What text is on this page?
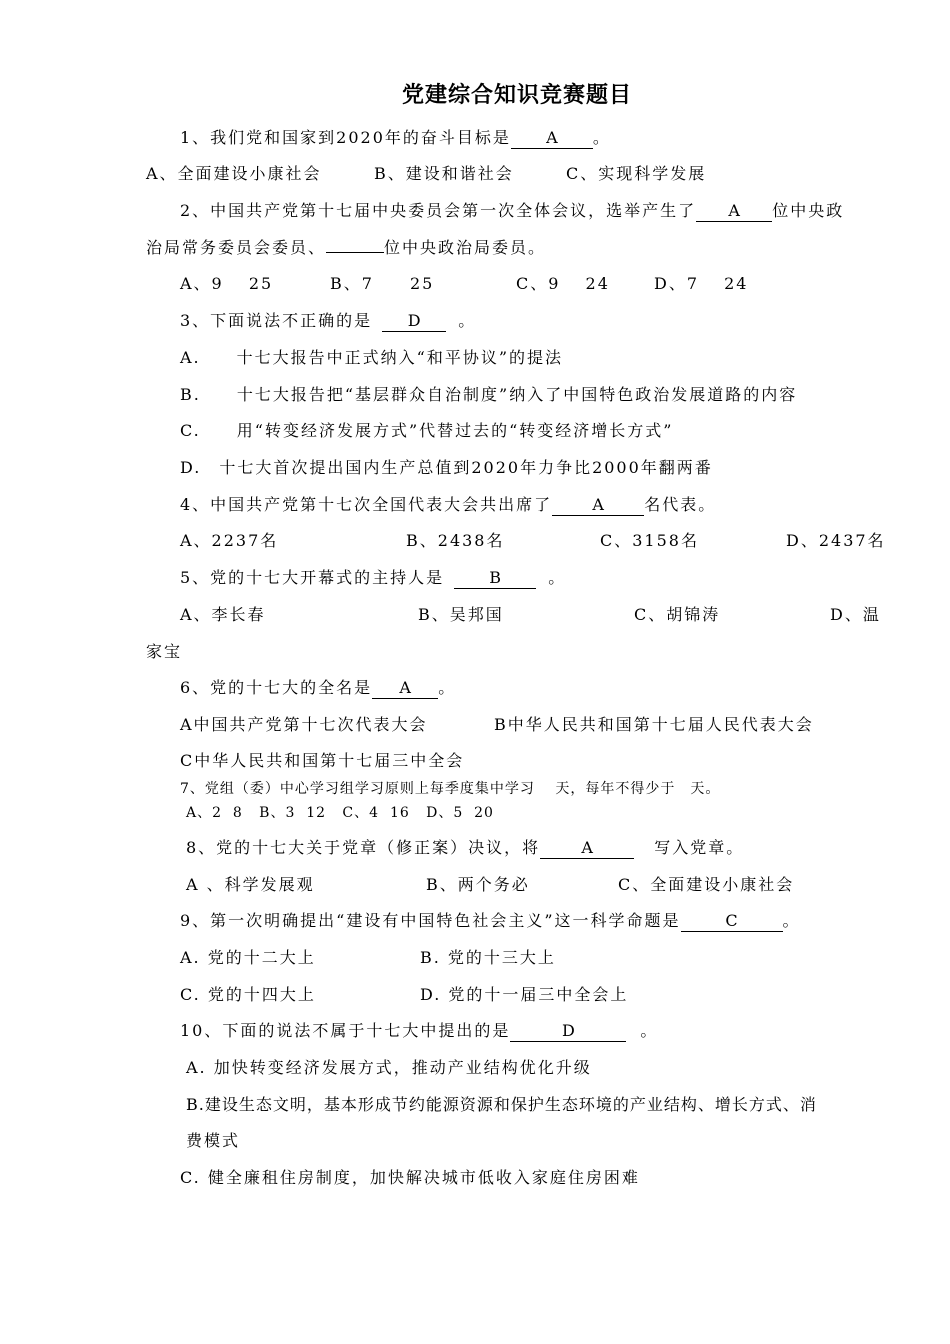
党建综合知识竞赛题目
1、我们党和国家到2020年的奋斗目标是 A 。
A、全面建设小康社会	B、建设和谐社会	C、实现科学发展
2、中国共产党第十七届中央委员会第一次全体会议，选举产生了 A 位中央政
治局常务委员会委员、	位中央政治局委员。
A、9　 25	B、7　　25	C、9　 24	D、7　 24
3、下面说法不正确的是 D 。
A.　　十七大报告中正式纳入“和平协议”的提法
B.　　十七大报告把“基层群众自治制度”纳入了中国特色政治发展道路的内容
C.　　用“转变经济发展方式”代替过去的“转变经济增长方式”
D.　十七大首次提出国内生产总值到2020年力争比2000年翻两番
4、中国共产党第十七次全国代表大会共出席了	A	名代表。
A、2237名	B、2438名	C、3158名	D、2437名
5、党的十七大开幕式的主持人是	B	。
A、李长春	B、吴邦国	C、胡锦涛	D、温
家宝
6、党的十七大的全名是 A 。
A中国共产党第十七次代表大会	B中华人民共和国第十七届人民代表大会
C中华人民共和国第十七届三中全会
7、党组（委）中心学习组学习原则上每季度集中学习　 天，每年不得少于　天。
A、2  8   B、3  12   C、4  16   D、5  20
8、党的十七大关于党章（修正案）决议，将	A	写入党章。
A 、科学发展观	B、两个务必	C、全面建设小康社会
9、第一次明确提出“建设有中国特色社会主义”这一科学命题是	C	。
A. 党的十二大上	B. 党的十三大上
C. 党的十四大上	D. 党的十一届三中全会上
10、下面的说法不属于十七大中提出的是	D	。
A. 加快转变经济发展方式，推动产业结构优化升级
B.建设生态文明，基本形成节约能源资源和保护生态环境的产业结构、增长方式、消
费模式
C. 健全廉租住房制度，加快解决城市低收入家庭住房困难
